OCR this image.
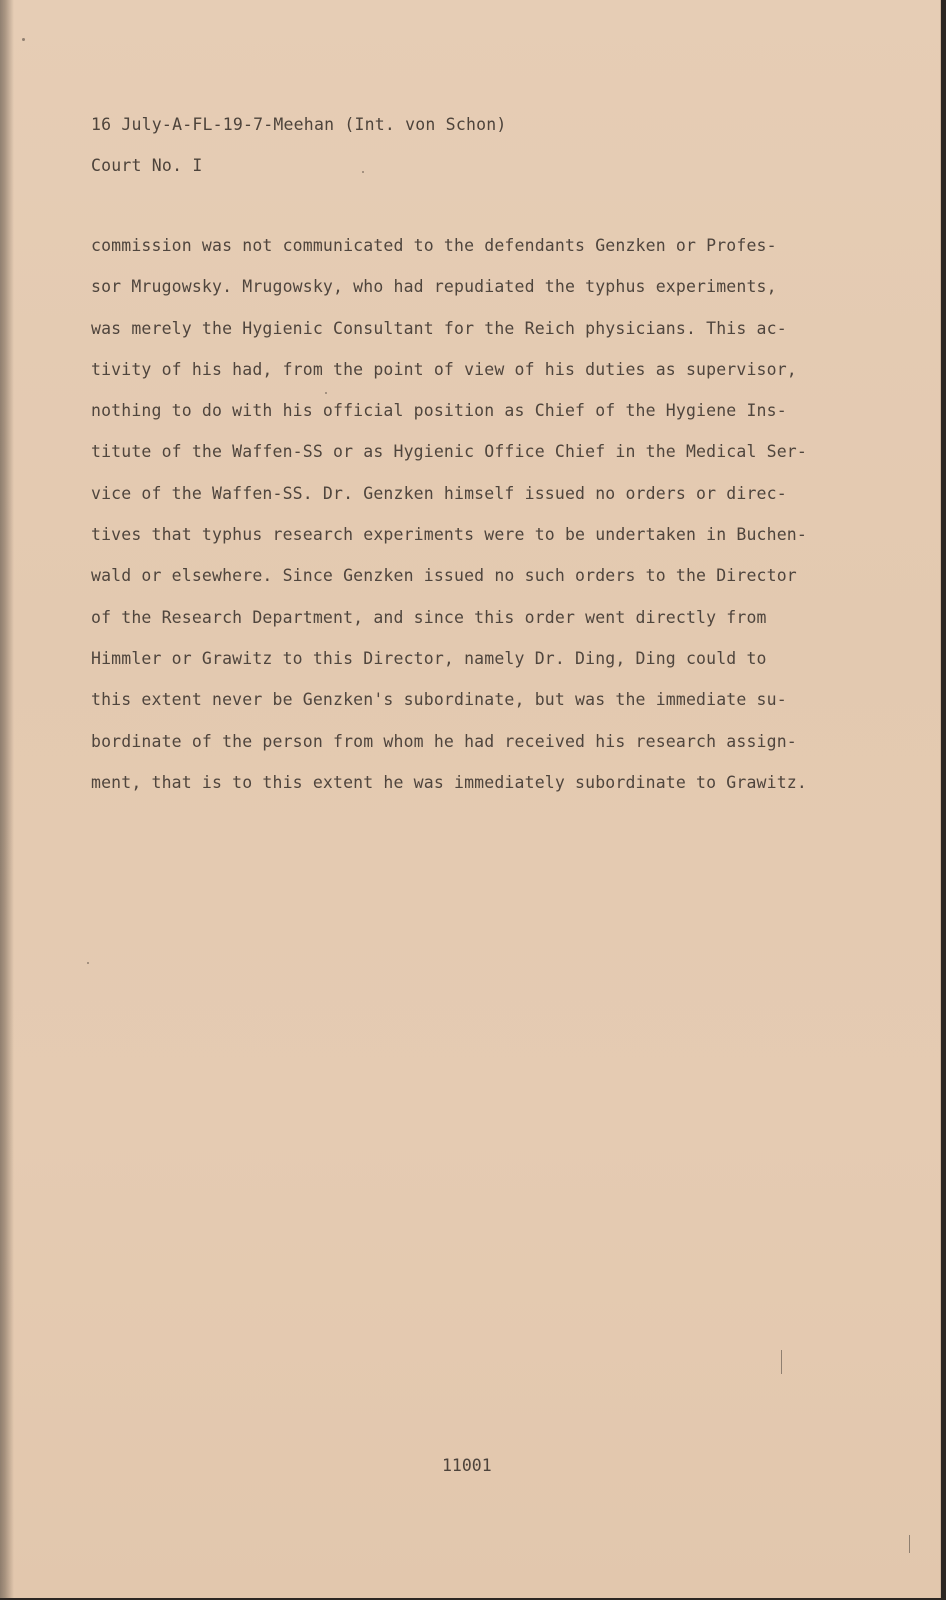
16 July-A-FL-19-7-Meehan (Int. von Schon)
Court No. I
commission was not communicated to the defendants Genzken or Profes-
sor Mrugowsky. Mrugowsky, who had repudiated the typhus experiments,
was merely the Hygienic Consultant for the Reich physicians. This ac-
tivity of his had, from the point of view of his duties as supervisor,
nothing to do with his official position as Chief of the Hygiene Ins-
titute of the Waffen-SS or as Hygienic Office Chief in the Medical Ser-
vice of the Waffen-SS. Dr. Genzken himself issued no orders or direc-
tives that typhus research experiments were to be undertaken in Buchen-
wald or elsewhere. Since Genzken issued no such orders to the Director
of the Research Department, and since this order went directly from
Himmler or Grawitz to this Director, namely Dr. Ding, Ding could to
this extent never be Genzken's subordinate, but was the immediate su-
bordinate of the person from whom he had received his research assign-
ment, that is to this extent he was immediately subordinate to Grawitz.
11001
